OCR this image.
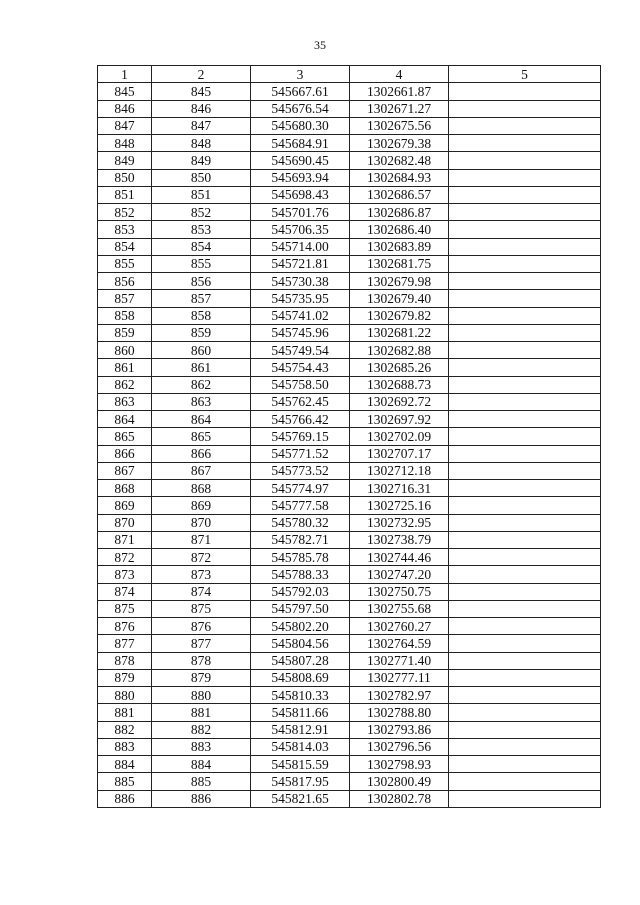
35
1	2	3	4	5
845	845	545667.61	1302661.87	
846	846	545676.54	1302671.27	
847	847	545680.30	1302675.56	
848	848	545684.91	1302679.38	
849	849	545690.45	1302682.48	
850	850	545693.94	1302684.93	
851	851	545698.43	1302686.57	
852	852	545701.76	1302686.87	
853	853	545706.35	1302686.40	
854	854	545714.00	1302683.89	
855	855	545721.81	1302681.75	
856	856	545730.38	1302679.98	
857	857	545735.95	1302679.40	
858	858	545741.02	1302679.82	
859	859	545745.96	1302681.22	
860	860	545749.54	1302682.88	
861	861	545754.43	1302685.26	
862	862	545758.50	1302688.73	
863	863	545762.45	1302692.72	
864	864	545766.42	1302697.92	
865	865	545769.15	1302702.09	
866	866	545771.52	1302707.17	
867	867	545773.52	1302712.18	
868	868	545774.97	1302716.31	
869	869	545777.58	1302725.16	
870	870	545780.32	1302732.95	
871	871	545782.71	1302738.79	
872	872	545785.78	1302744.46	
873	873	545788.33	1302747.20	
874	874	545792.03	1302750.75	
875	875	545797.50	1302755.68	
876	876	545802.20	1302760.27	
877	877	545804.56	1302764.59	
878	878	545807.28	1302771.40	
879	879	545808.69	1302777.11	
880	880	545810.33	1302782.97	
881	881	545811.66	1302788.80	
882	882	545812.91	1302793.86	
883	883	545814.03	1302796.56	
884	884	545815.59	1302798.93	
885	885	545817.95	1302800.49	
886	886	545821.65	1302802.78	
